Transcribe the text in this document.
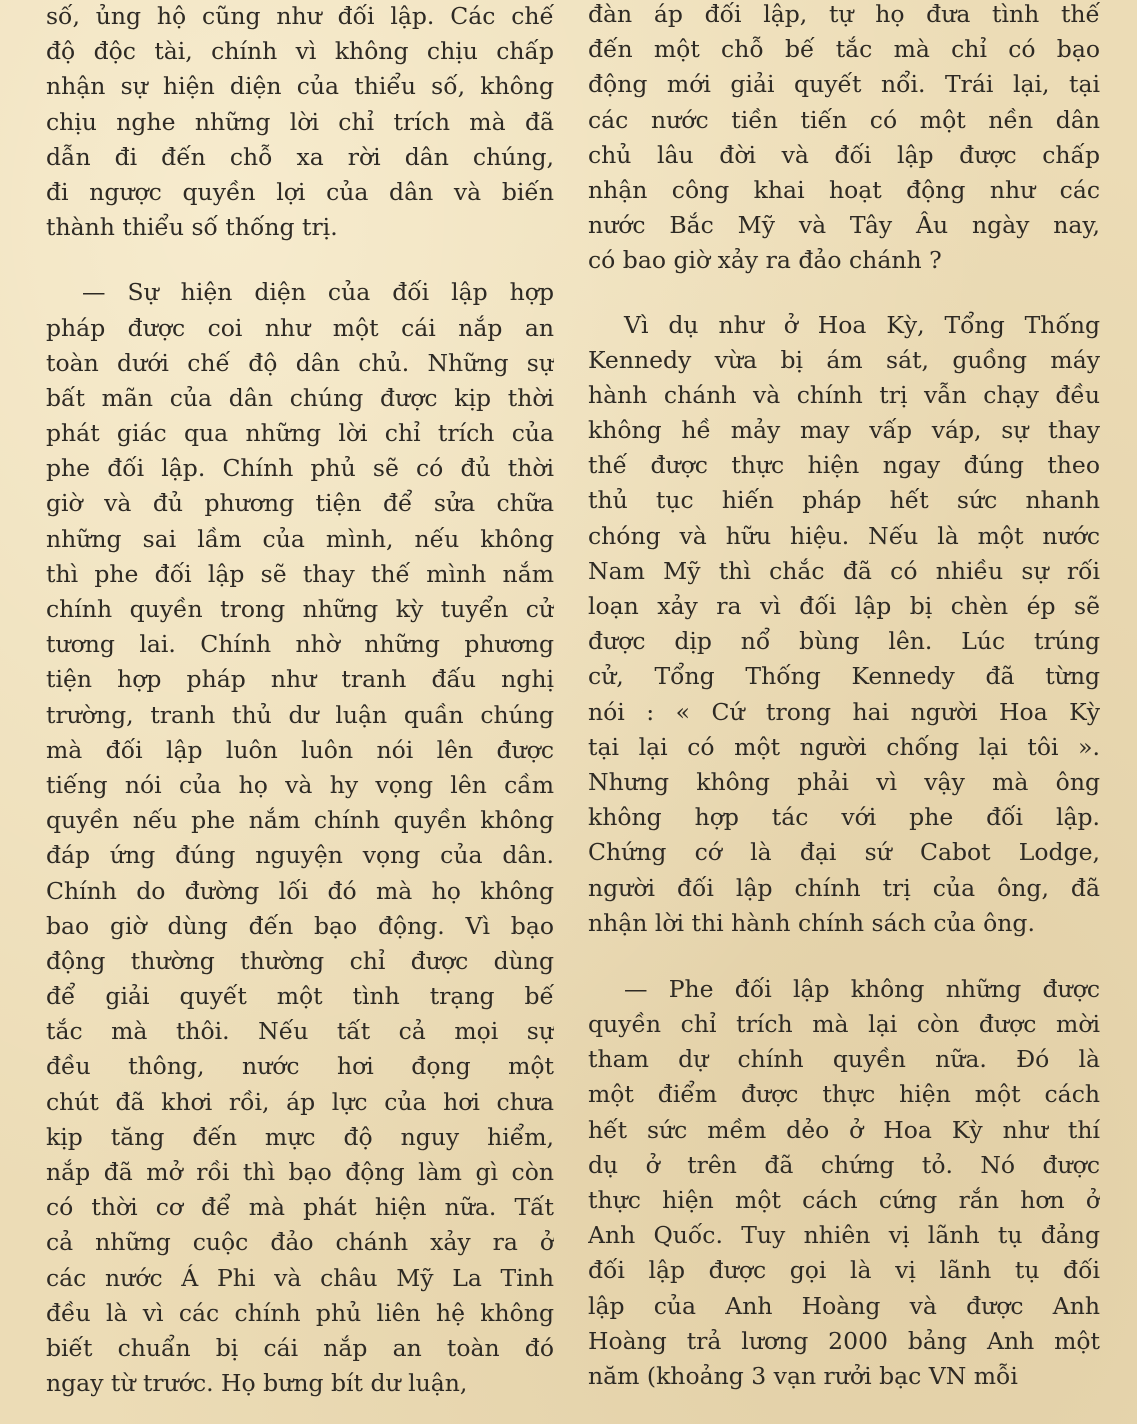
số, ủng hộ cũng như đối lập. Các chế
độ độc tài, chính vì không chịu chấp
nhận sự hiện diện của thiểu số, không
chịu nghe những lời chỉ trích mà đã
dẫn đi đến chỗ xa rời dân chúng,
đi ngược quyền lợi của dân và biến
thành thiểu số thống trị.
— Sự hiện diện của đối lập hợp
pháp được coi như một cái nắp an
toàn dưới chế độ dân chủ. Những sự
bất mãn của dân chúng được kịp thời
phát giác qua những lời chỉ trích của
phe đối lập. Chính phủ sẽ có đủ thời
giờ và đủ phương tiện để sửa chữa
những sai lầm của mình, nếu không
thì phe đối lập sẽ thay thế mình nắm
chính quyền trong những kỳ tuyển cử
tương lai. Chính nhờ những phương
tiện hợp pháp như tranh đấu nghị
trường, tranh thủ dư luận quần chúng
mà đối lập luôn luôn nói lên được
tiếng nói của họ và hy vọng lên cầm
quyền nếu phe nắm chính quyền không
đáp ứng đúng nguyện vọng của dân.
Chính do đường lối đó mà họ không
bao giờ dùng đến bạo động. Vì bạo
động thường thường chỉ được dùng
để giải quyết một tình trạng bế
tắc mà thôi. Nếu tất cả mọi sự
đều thông, nước hơi đọng một
chút đã khơi rồi, áp lực của hơi chưa
kịp tăng đến mực độ nguy hiểm,
nắp đã mở rồi thì bạo động làm gì còn
có thời cơ để mà phát hiện nữa. Tất
cả những cuộc đảo chánh xảy ra ở
các nước Á Phi và châu Mỹ La Tinh
đều là vì các chính phủ liên hệ không
biết chuẩn bị cái nắp an toàn đó
ngay từ trước. Họ bưng bít dư luận,
đàn áp đối lập, tự họ đưa tình thế
đến một chỗ bế tắc mà chỉ có bạo
động mới giải quyết nổi. Trái lại, tại
các nước tiền tiến có một nền dân
chủ lâu đời và đối lập được chấp
nhận công khai hoạt động như các
nước Bắc Mỹ và Tây Âu ngày nay,
có bao giờ xảy ra đảo chánh ?
Vì dụ như ở Hoa Kỳ, Tổng Thống
Kennedy vừa bị ám sát, guồng máy
hành chánh và chính trị vẫn chạy đều
không hề mảy may vấp váp, sự thay
thế được thực hiện ngay đúng theo
thủ tục hiến pháp hết sức nhanh
chóng và hữu hiệu. Nếu là một nước
Nam Mỹ thì chắc đã có nhiều sự rối
loạn xảy ra vì đối lập bị chèn ép sẽ
được dịp nổ bùng lên. Lúc trúng
cử, Tổng Thống Kennedy đã từng
nói : « Cứ trong hai người Hoa Kỳ
tại lại có một người chống lại tôi ».
Nhưng không phải vì vậy mà ông
không hợp tác với phe đối lập.
Chứng cớ là đại sứ Cabot Lodge,
người đối lập chính trị của ông, đã
nhận lời thi hành chính sách của ông.
— Phe đối lập không những được
quyền chỉ trích mà lại còn được mời
tham dự chính quyền nữa. Đó là
một điểm được thực hiện một cách
hết sức mềm dẻo ở Hoa Kỳ như thí
dụ ở trên đã chứng tỏ. Nó được
thực hiện một cách cứng rắn hơn ở
Anh Quốc. Tuy nhiên vị lãnh tụ đảng
đối lập được gọi là vị lãnh tụ đối
lập của Anh Hoàng và được Anh
Hoàng trả lương 2000 bảng Anh một
năm (khoảng 3 vạn rưởi bạc VN mỗi
